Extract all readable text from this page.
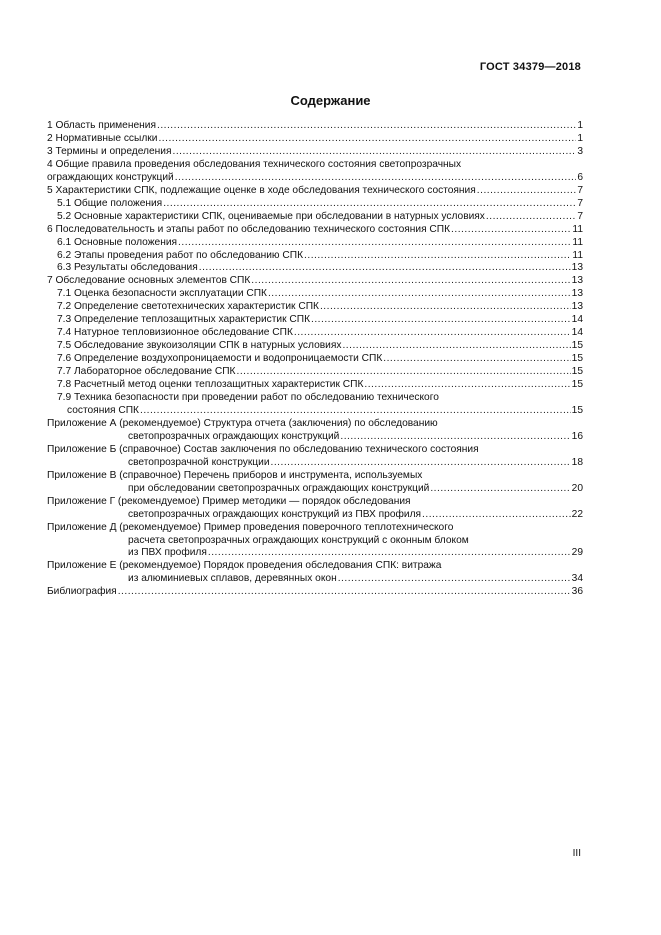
ГОСТ 34379—2018
Содержание
1 Область применения .....	1
2 Нормативные ссылки .....	1
3 Термины и определения .....	3
4 Общие правила проведения обследования технического состояния светопрозрачных
ограждающих конструкций .....	6
5 Характеристики СПК, подлежащие оценке в ходе обследования технического состояния .....	7
5.1 Общие положения .....	7
5.2 Основные характеристики СПК, оцениваемые при обследовании в натурных условиях .....	7
6 Последовательность и этапы работ по обследованию технического состояния СПК .....	11
6.1 Основные положения .....	11
6.2 Этапы проведения работ по обследованию СПК .....	11
6.3 Результаты обследования .....	13
7 Обследование основных элементов СПК .....	13
7.1 Оценка безопасности эксплуатации СПК .....	13
7.2 Определение светотехнических характеристик СПК .....	13
7.3 Определение теплозащитных характеристик СПК .....	14
7.4 Натурное тепловизионное обследование СПК .....	14
7.5 Обследование звукоизоляции СПК в натурных условиях .....	15
7.6 Определение воздухопроницаемости и водопроницаемости СПК .....	15
7.7 Лабораторное обследование СПК .....	15
7.8 Расчетный метод оценки теплозащитных характеристик СПК .....	15
7.9 Техника безопасности при проведении работ по обследованию технического
состояния СПК .....	15
Приложение А (рекомендуемое) Структура отчета (заключения) по обследованию
светопрозрачных ограждающих конструкций .....	16
Приложение Б (справочное) Состав заключения по обследованию технического состояния
светопрозрачной конструкции .....	18
Приложение В (справочное) Перечень приборов и инструмента, используемых
при обследовании светопрозрачных ограждающих конструкций .....	20
Приложение Г (рекомендуемое) Пример методики — порядок обследования
светопрозрачных ограждающих конструкций из ПВХ профиля .....	22
Приложение Д (рекомендуемое) Пример проведения поверочного теплотехнического
расчета светопрозрачных ограждающих конструкций с оконным блоком
из ПВХ профиля .....	29
Приложение Е (рекомендуемое) Порядок проведения обследования СПК: витража
из алюминиевых сплавов, деревянных окон .....	34
Библиография .....	36
III
